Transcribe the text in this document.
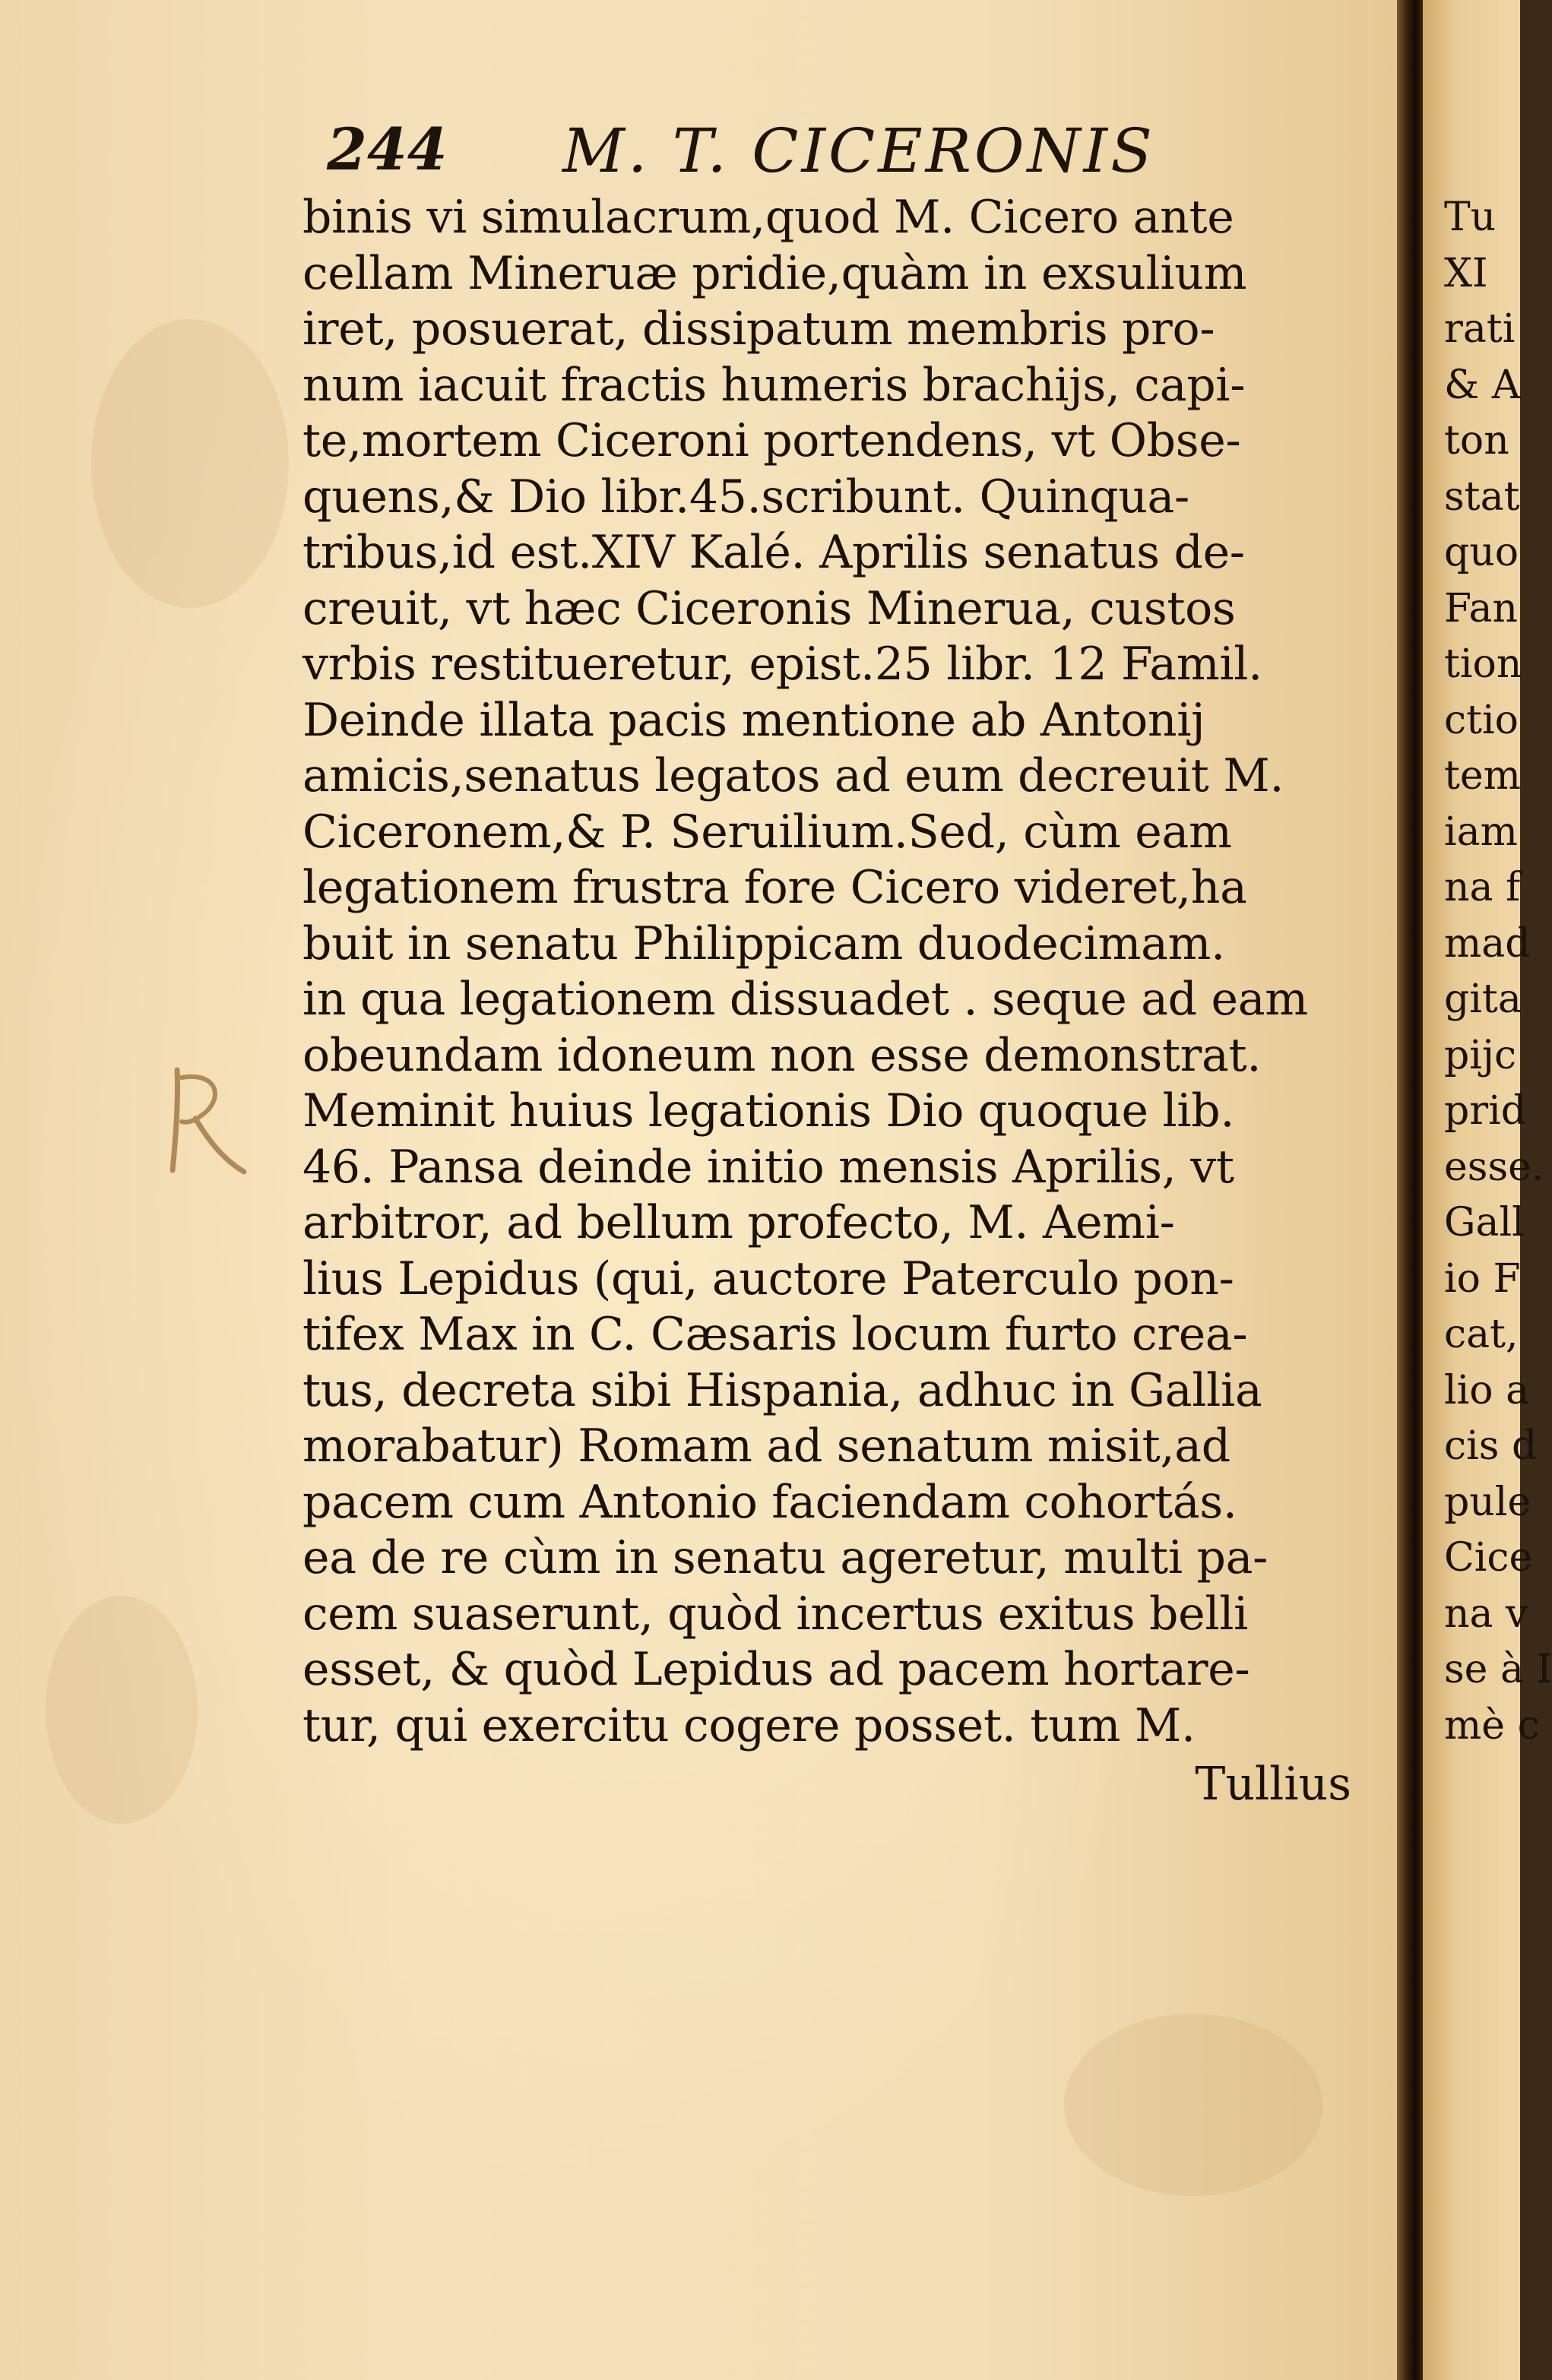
244 M. T. CICERONIS
binis vi simulacrum,quod M. Cicero ante
cellam Mineruæ pridie,quàm in exsulium
iret, posuerat, dissipatum membris pro-
num iacuit fractis humeris brachijs, capi-
te,mortem Ciceroni portendens, vt Obse-
quens,& Dio libr.45.scribunt. Quinqua-
tribus,id est.XIV Kalé. Aprilis senatus de-
creuit, vt hæc Ciceronis Minerua, custos
vrbis restitueretur, epist.25 libr. 12 Famil.
Deinde illata pacis mentione ab Antonij
amicis,senatus legatos ad eum decreuit M.
Ciceronem,& P. Seruilium.Sed, cùm eam
legationem frustra fore Cicero videret,ha
buit in senatu Philippicam duodecimam.
in qua legationem dissuadet . seque ad eam
obeundam idoneum non esse demonstrat.
Meminit huius legationis Dio quoque lib.
46. Pansa deinde initio mensis Aprilis, vt
arbitror, ad bellum profecto, M. Aemi-
lius Lepidus (qui, auctore Paterculo pon-
tifex Max in C. Cæsaris locum furto crea-
tus, decreta sibi Hispania, adhuc in Gallia
morabatur) Romam ad senatum misit,ad
pacem cum Antonio faciendam cohortás.
ea de re cùm in senatu ageretur, multi pa-
cem suaserunt, quòd incertus exitus belli
esset, & quòd Lepidus ad pacem hortare-
tur, qui exercitu cogere posset. tum M.
Tullius
Tu
XI
rati
& A
ton
stat
quo
Fan
tion
ctio
tem
iam
na f
mad
gita
pijc
prid
esse.
Gall
io F
cat,
lio a
cis d
pule
Cice
na v
se à I
mè c
